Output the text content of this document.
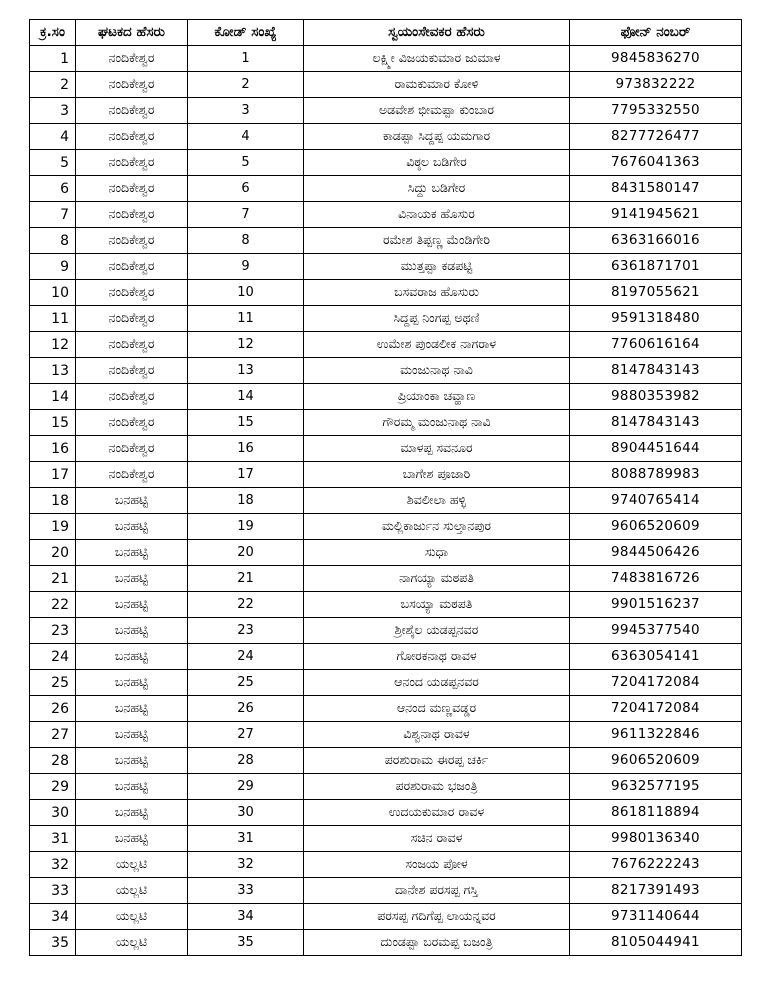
ಕ್ರ.ಸಂ	ಘಟಕದ ಹೆಸರು	ಕೋಡ್ ಸಂಖ್ಯೆ	ಸ್ವಯಂಸೇವಕರ ಹೆಸರು	ಫೋನ್ ನಂಬರ್
1	ನಂದಿಕೇಶ್ವರ	1	ಲಕ್ಷ್ಮೀ ವಿಜಯಕುಮಾರ ಜುಮಾಳ	9845836270
2	ನಂದಿಕೇಶ್ವರ	2	ರಾಮಕುಮಾರ ಕೋಳಿ	973832222
3	ನಂದಿಕೇಶ್ವರ	3	ಅಡವೇಶ ಭೀಮಪ್ಪಾ ಕುಂಬಾರ	7795332550
4	ನಂದಿಕೇಶ್ವರ	4	ಕಾಡಪ್ಪಾ ಸಿದ್ದಪ್ಪ ಯಮಗಾರ	8277726477
5	ನಂದಿಕೇಶ್ವರ	5	ವಿಠ್ಠಲ ಬಡಿಗೇರ	7676041363
6	ನಂದಿಕೇಶ್ವರ	6	ಸಿದ್ದು ಬಡಿಗೇರ	8431580147
7	ನಂದಿಕೇಶ್ವರ	7	ವಿನಾಯಕ ಹೊಸುರ	9141945621
8	ನಂದಿಕೇಶ್ವರ	8	ರಮೇಶ ತಿಪ್ಪಣ್ಣ ಮೆಂಡಿಗೇರಿ	6363166016
9	ನಂದಿಕೇಶ್ವರ	9	ಮುತ್ತಪ್ಪಾ ಕಡಪಟ್ಟಿ	6361871701
10	ನಂದಿಕೇಶ್ವರ	10	ಬಸವರಾಜ ಹೊಸುರು	8197055621
11	ನಂದಿಕೇಶ್ವರ	11	ಸಿದ್ದಪ್ಪ ನಿಂಗಪ್ಪ ಅಥಣಿ	9591318480
12	ನಂದಿಕೇಶ್ವರ	12	ಉಮೇಶ ಪುಂಡಲೀಕ ನಾಗರಾಳ	7760616164
13	ನಂದಿಕೇಶ್ವರ	13	ಮಂಜುನಾಥ ನಾವಿ	8147843143
14	ನಂದಿಕೇಶ್ವರ	14	ಪ್ರಿಯಾಂಕಾ ಚವ್ಹಾಣ	9880353982
15	ನಂದಿಕೇಶ್ವರ	15	ಗೌರಮ್ಮ ಮಂಜುನಾಥ ನಾವಿ	8147843143
16	ನಂದಿಕೇಶ್ವರ	16	ಮಾಳಪ್ಪ ಸವನೂರ	8904451644
17	ನಂದಿಕೇಶ್ವರ	17	ಬಾಗೇಶ ಪೂಜಾರಿ	8088789983
18	ಬನಹಟ್ಟಿ	18	ಶಿವಲೀಲಾ ಹಳ್ಳಿ	9740765414
19	ಬನಹಟ್ಟಿ	19	ಮಲ್ಲಿಕಾರ್ಜುನ ಸುಲ್ತಾನಪುರ	9606520609
20	ಬನಹಟ್ಟಿ	20	ಸುಧಾ	9844506426
21	ಬನಹಟ್ಟಿ	21	ನಾಗಯ್ಯಾ ಮಠಪತಿ	7483816726
22	ಬನಹಟ್ಟಿ	22	ಬಸಯ್ಯಾ ಮಠಪತಿ	9901516237
23	ಬನಹಟ್ಟಿ	23	ಶ್ರೀಶೈಲ ಯಡಪ್ಪನವರ	9945377540
24	ಬನಹಟ್ಟಿ	24	ಗೋರಕನಾಥ ರಾವಳ	6363054141
25	ಬನಹಟ್ಟಿ	25	ಆನಂದ ಯಡಪ್ಪನವರ	7204172084
26	ಬನಹಟ್ಟಿ	26	ಆನಂದ ಮಣ್ಣವಡ್ಡರ	7204172084
27	ಬನಹಟ್ಟಿ	27	ವಿಶ್ವನಾಥ ರಾವಳ	9611322846
28	ಬನಹಟ್ಟಿ	28	ಪರಶುರಾಮ ಈರಪ್ಪ ಚರ್ಕಿ	9606520609
29	ಬನಹಟ್ಟಿ	29	ಪರಶುರಾಮ ಭಜಂತ್ರಿ	9632577195
30	ಬನಹಟ್ಟಿ	30	ಉದಯಕುಮಾರ ರಾವಳ	8618118894
31	ಬನಹಟ್ಟಿ	31	ಸಚಿನ ರಾವಳ	9980136340
32	ಯಲ್ಲಟಿ	32	ಸಂಜಯ ಪೋಳ	7676222243
33	ಯಲ್ಲಟಿ	33	ದಾನೇಶ ಪರಸಪ್ಪ ಗಸ್ತಿ	8217391493
34	ಯಲ್ಲಟಿ	34	ಪರಸಪ್ಪ ಗದಿಗೆಪ್ಪ ಲಾಯನ್ನವರ	9731140644
35	ಯಲ್ಲಟಿ	35	ದುಂಡಪ್ಪಾ ಬರಮಪ್ಪ ಬಜಂತ್ರಿ	8105044941
